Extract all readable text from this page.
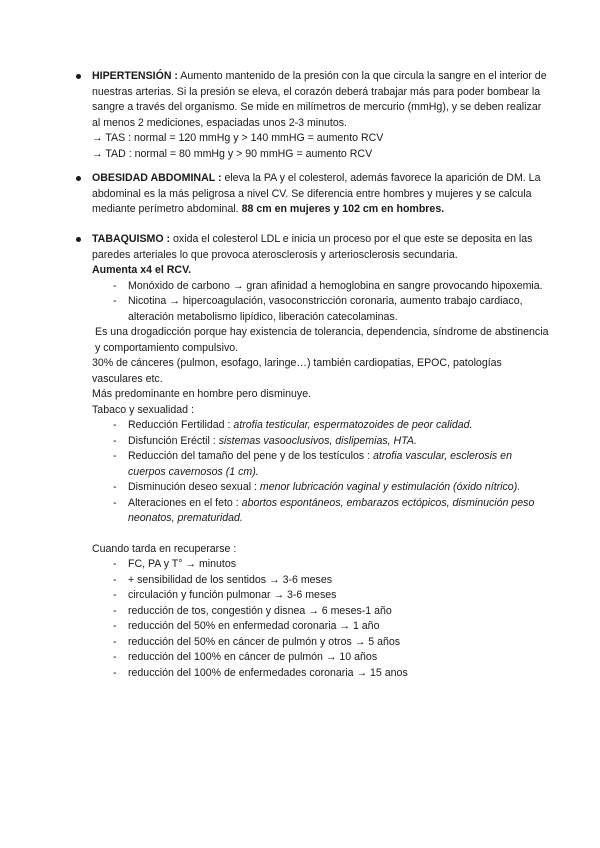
HIPERTENSIÓN : Aumento mantenido de la presión con la que circula la sangre en el interior de nuestras arterias. Si la presión se eleva, el corazón deberá trabajar más para poder bombear la sangre a través del organismo. Se mide en milímetros de mercurio (mmHg), y se deben realizar al menos 2 mediciones, espaciadas unos 2-3 minutos.
→ TAS : normal = 120 mmHg y > 140 mmHG = aumento RCV
→ TAD : normal = 80 mmHg y > 90 mmHG = aumento RCV
OBESIDAD ABDOMINAL : eleva la PA y el colesterol, además favorece la aparición de DM. La abdominal es la más peligrosa a nivel CV. Se diferencia entre hombres y mujeres y se calcula mediante perímetro abdominal. 88 cm en mujeres y 102 cm en hombres.
TABAQUISMO : oxida el colesterol LDL e inicia un proceso por el que este se deposita en las paredes arteriales lo que provoca aterosclerosis y arteriosclerosis secundaria.
Aumenta x4 el RCV.
- Monóxido de carbono → gran afinidad a hemoglobina en sangre provocando hipoxemia.
- Nicotina → hipercoagulación, vasoconstricción coronaria, aumento trabajo cardiaco, alteración metabolismo lipídico, liberación catecolaminas.
Es una drogadicción porque hay existencia de tolerancia, dependencia, síndrome de abstinencia y comportamiento compulsivo.
30% de cánceres (pulmon, esofago, laringe…) también cardiopatias, EPOC, patologías vasculares etc.
Más predominante en hombre pero disminuye.
Tabaco y sexualidad :
- Reducción Fertilidad : atrofia testicular, espermatozoides de peor calidad.
- Disfunción Eréctil : sistemas vasooclusivos, dislipemias, HTA.
- Reducción del tamaño del pene y de los testículos : atrofia vascular, esclerosis en cuerpos cavernosos (1 cm).
- Disminución deseo sexual : menor lubricación vaginal y estimulación (óxido nítrico).
- Alteraciones en el feto : abortos espontáneos, embarazos ectópicos, disminución peso neonatos, prematuridad.
Cuando tarda en recuperarse :
- FC, PA y T° → minutos
- + sensibilidad de los sentidos → 3-6 meses
- circulación y función pulmonar → 3-6 meses
- reducción de tos, congestión y disnea → 6 meses-1 año
- reducción del 50% en enfermedad coronaria → 1 año
- reducción del 50% en cáncer de pulmón y otros → 5 años
- reducción del 100% en cáncer de pulmón → 10 años
- reducción del 100% de enfermedades coronaria → 15 anos
